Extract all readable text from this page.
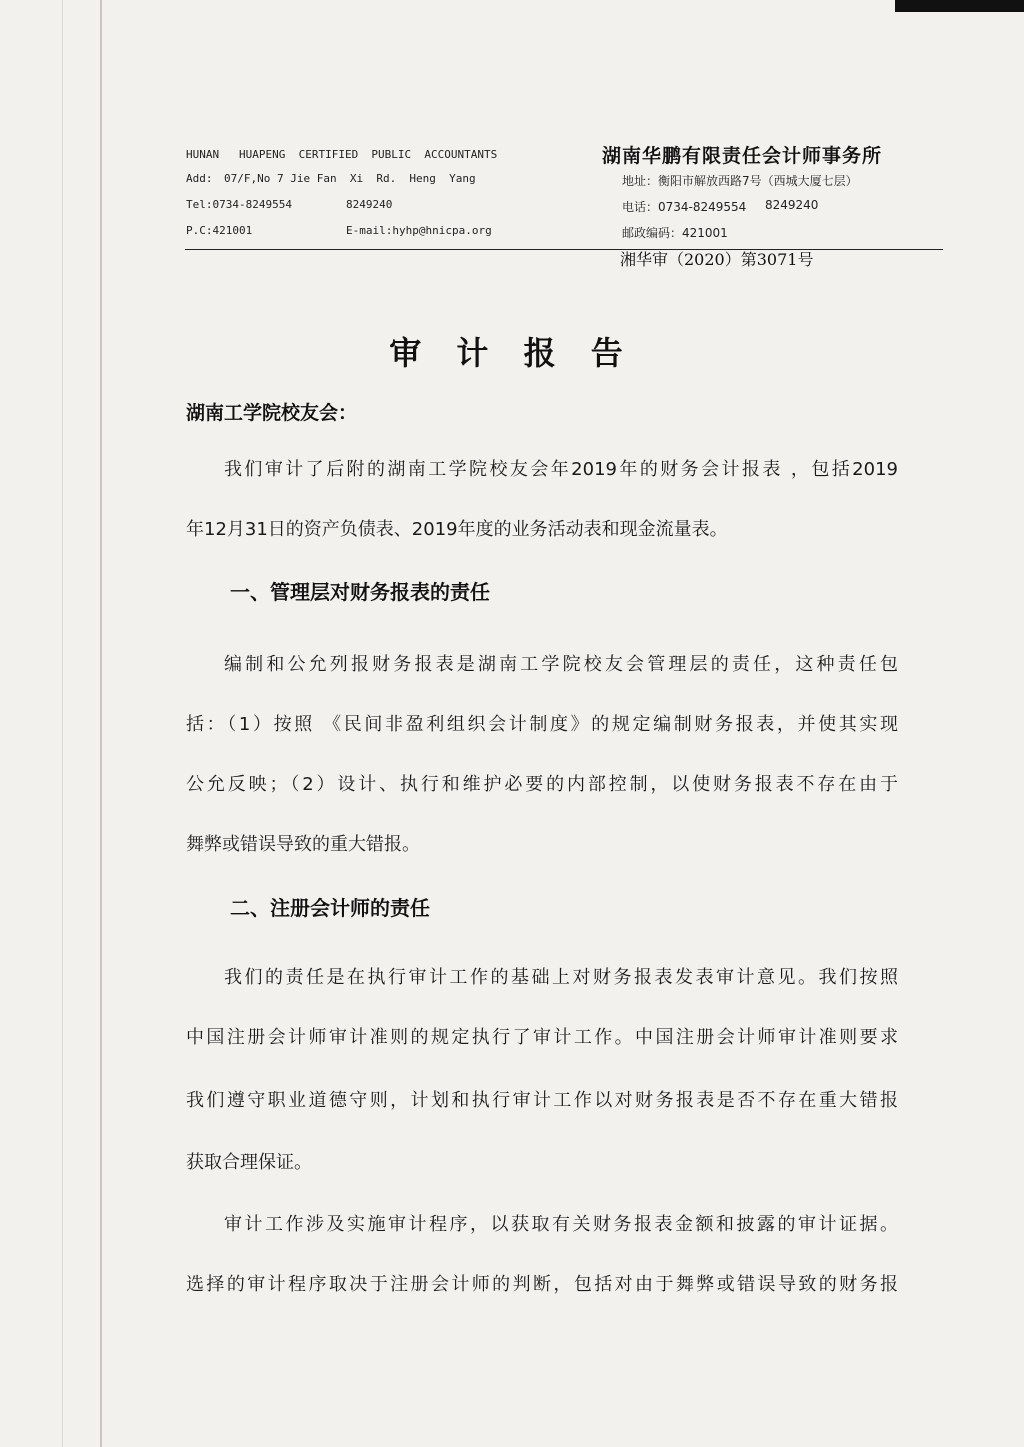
HUNAN   HUAPENG  CERTIFIED  PUBLIC  ACCOUNTANTS
Add: 07/F,No 7 Jie Fan  Xi  Rd.  Heng  Yang
Tel:0734-8249554	8249240
P.C:421001	E-mail:hyhp@hnicpa.org
湖南华鹏有限责任会计师事务所
地址：衡阳市解放西路7号（西城大厦七层）
电话：0734-8249554 8249240
邮政编码：421001
湘华审（2020）第3071号
审 计 报 告
湖南工学院校友会：
我们审计了后附的湖南工学院校友会年2019年的财务会计报表 ，包括2019
年12月31日的资产负债表、2019年度的业务活动表和现金流量表。
一、管理层对财务报表的责任
编制和公允列报财务报表是湖南工学院校友会管理层的责任，这种责任包
括：（1）按照 《民间非盈利组织会计制度》的规定编制财务报表，并使其实现
公允反映；（2）设计、执行和维护必要的内部控制，以使财务报表不存在由于
舞弊或错误导致的重大错报。
二、注册会计师的责任
我们的责任是在执行审计工作的基础上对财务报表发表审计意见。我们按照
中国注册会计师审计准则的规定执行了审计工作。中国注册会计师审计准则要求
我们遵守职业道德守则，计划和执行审计工作以对财务报表是否不存在重大错报
获取合理保证。
审计工作涉及实施审计程序，以获取有关财务报表金额和披露的审计证据。
选择的审计程序取决于注册会计师的判断，包括对由于舞弊或错误导致的财务报
